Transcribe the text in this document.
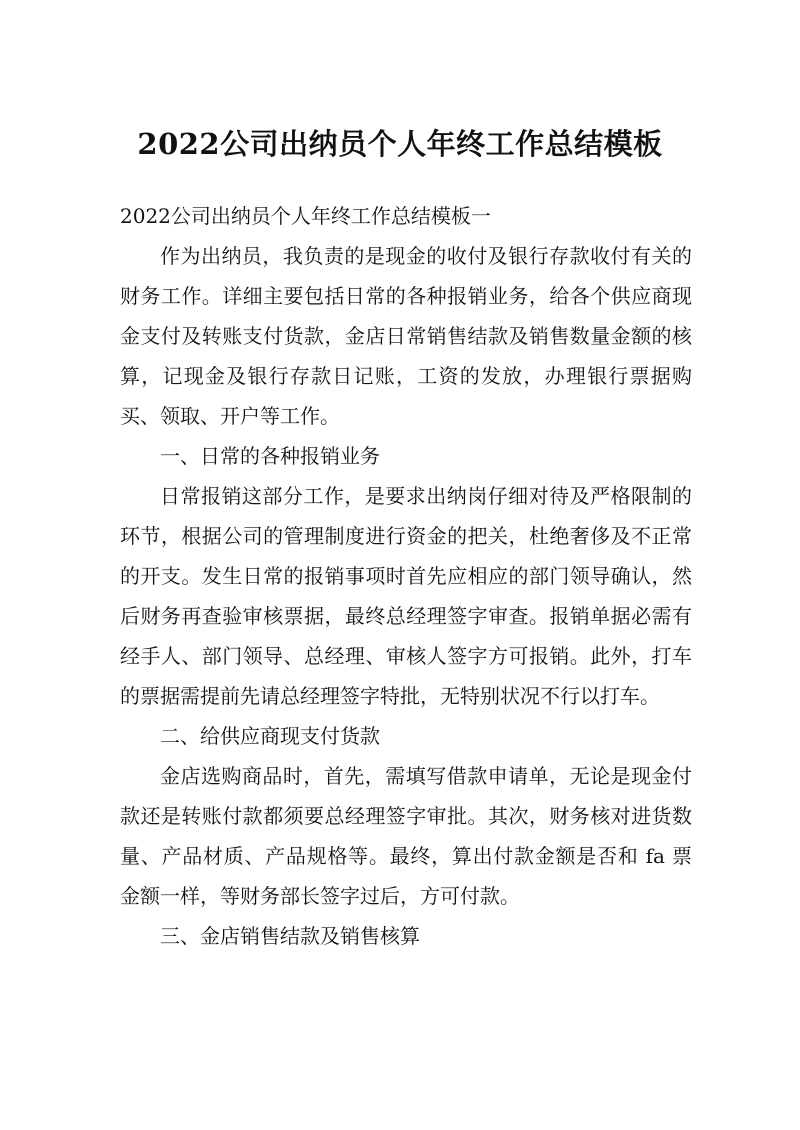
2022公司出纳员个人年终工作总结模板

2022公司出纳员个人年终工作总结模板一

作为出纳员，我负责的是现金的收付及银行存款收付有关的财务工作。详细主要包括日常的各种报销业务，给各个供应商现金支付及转账支付货款，金店日常销售结款及销售数量金额的核算，记现金及银行存款日记账，工资的发放，办理银行票据购买、领取、开户等工作。

一、日常的各种报销业务

日常报销这部分工作，是要求出纳岗仔细对待及严格限制的环节，根据公司的管理制度进行资金的把关，杜绝奢侈及不正常的开支。发生日常的报销事项时首先应相应的部门领导确认，然后财务再查验审核票据，最终总经理签字审查。报销单据必需有经手人、部门领导、总经理、审核人签字方可报销。此外，打车的票据需提前先请总经理签字特批，无特别状况不行以打车。

二、给供应商现支付货款

金店选购商品时，首先，需填写借款申请单，无论是现金付款还是转账付款都须要总经理签字审批。其次，财务核对进货数量、产品材质、产品规格等。最终，算出付款金额是否和 fa 票金额一样，等财务部长签字过后，方可付款。

三、金店销售结款及销售核算
